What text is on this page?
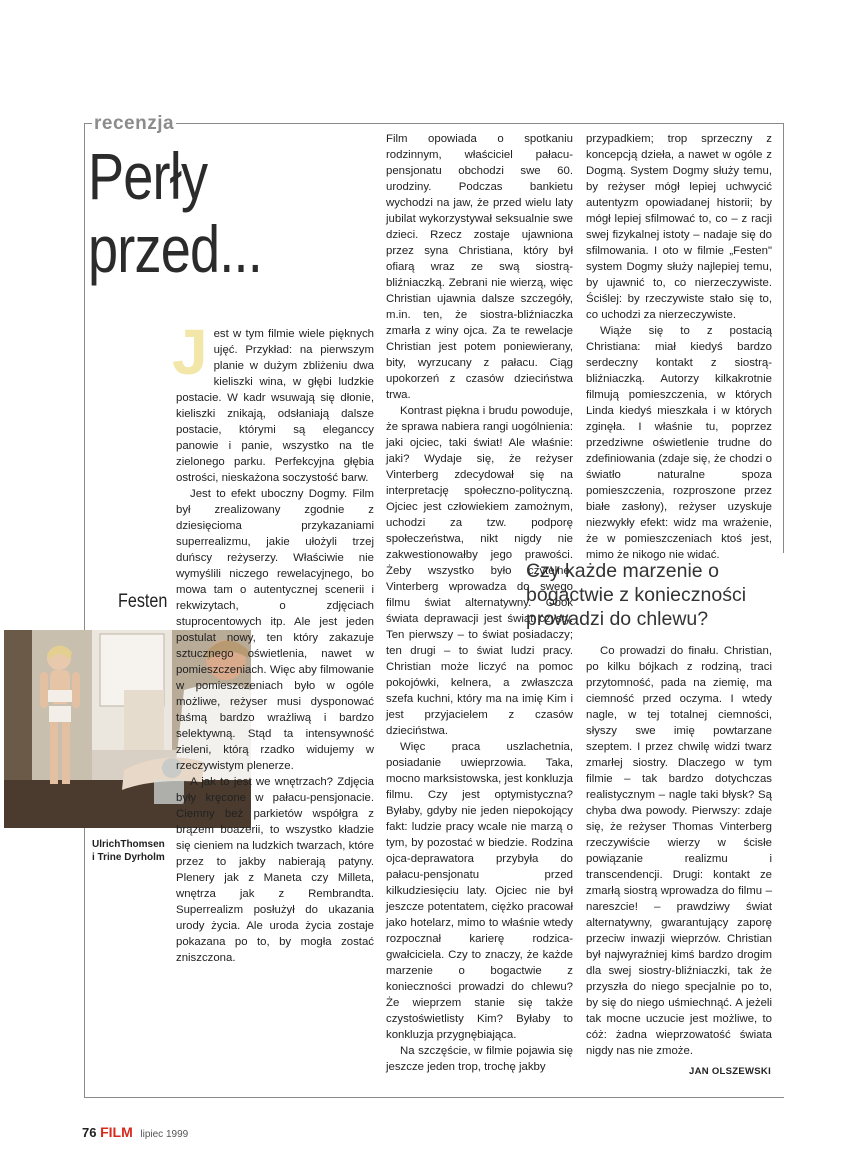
recenzja
Perły
przed...
Festen
UlrichThomsen
i Trine Dyrholm

Jest w tym filmie wiele pięknych ujęć. Przykład: na pierwszym planie w dużym zbliżeniu dwa kieliszki wina, w głębi ludzkie postacie. W kadr wsuwają się dłonie, kieliszki znikają, odsłaniają dalsze postacie, którymi są eleganccy panowie i panie, wszystko na tle zielonego parku. Perfekcyjna głębia ostrości, nieskażona soczystość barw.

Jest to efekt uboczny Dogmy. Film był zrealizowany zgodnie z dziesięcioma przykazaniami superrealizmu, jakie ułożyli trzej duńscy reżyserzy. Właściwie nie wymyślili niczego rewelacyjnego, bo mowa tam o autentycznej scenerii i rekwizytach, o zdjęciach stuprocentowych itp. Ale jest jeden postulat nowy, ten który zakazuje sztucznego oświetlenia, nawet w pomieszczeniach. Więc aby filmowanie w pomieszczeniach było w ogóle możliwe, reżyser musi dysponować taśmą bardzo wrażliwą i bardzo selektywną. Stąd ta intensywność zieleni, którą rzadko widujemy w rzeczywistym plenerze.

A jak to jest we wnętrzach? Zdjęcia były kręcone w pałacu-pensjonacie. Ciemny beż parkietów współgra z brązem boazerii, to wszystko kładzie się cieniem na ludzkich twarzach, które przez to jakby nabierają patyny. Plenery jak z Maneta czy Milleta, wnętrza jak z Rembrandta. Superrealizm posłużył do ukazania urody życia. Ale uroda życia zostaje pokazana po to, by mogła zostać zniszczona.

Film opowiada o spotkaniu rodzinnym, właściciel pałacu-pensjonatu obchodzi swe 60. urodziny. Podczas bankietu wychodzi na jaw, że przed wielu laty jubilat wykorzystywał seksualnie swe dzieci. Rzecz zostaje ujawniona przez syna Christiana, który był ofiarą wraz ze swą siostrą-bliźniaczką. Zebrani nie wierzą, więc Christian ujawnia dalsze szczegóły, m.in. ten, że siostra-bliźniaczka zmarła z winy ojca. Za te rewelacje Christian jest potem poniewierany, bity, wyrzucany z pałacu. Ciąg upokorzeń z czasów dzieciństwa trwa.

Kontrast piękna i brudu powoduje, że sprawa nabiera rangi uogólnienia: jaki ojciec, taki świat! Ale właśnie: jaki? Wydaje się, że reżyser Vinterberg zdecydował się na interpretację społeczno-polityczną. Ojciec jest człowiekiem zamożnym, uchodzi za tzw. podporę społeczeństwa, nikt nigdy nie zakwestionowałby jego prawości. Żeby wszystko było czytelne, Vinterberg wprowadza do swego filmu świat alternatywny. Obok świata deprawacji jest świat czysty. Ten pierwszy – to świat posiadaczy; ten drugi – to świat ludzi pracy. Christian może liczyć na pomoc pokojówki, kelnera, a zwłaszcza szefa kuchni, który ma na imię Kim i jest przyjacielem z czasów dzieciństwa.

Więc praca uszlachetnia, posiadanie uwieprzowia. Taka, mocno marksistowska, jest konkluzja filmu. Czy jest optymistyczna? Byłaby, gdyby nie jeden niepokojący fakt: ludzie pracy wcale nie marzą o tym, by pozostać w biedzie. Rodzina ojca-deprawatora przybyła do pałacu-pensjonatu przed kilkudziesięciu laty. Ojciec nie był jeszcze potentatem, ciężko pracował jako hotelarz, mimo to właśnie wtedy rozpocznał karierę rodzica-gwałciciela. Czy to znaczy, że każde marzenie o bogactwie z konieczności prowadzi do chlewu? Że wieprzem stanie się także czystoświetlisty Kim? Byłaby to konkluzja przygnębiająca.

Na szczęście, w filmie pojawia się jeszcze jeden trop, trochę jakby

przypadkiem; trop sprzeczny z koncepcją dzieła, a nawet w ogóle z Dogmą. System Dogmy służy temu, by reżyser mógł lepiej uchwycić autentyzm opowiadanej historii; by mógł lepiej sfilmować to, co – z racji swej fizykalnej istoty – nadaje się do sfilmowania. I oto w filmie „Festen" system Dogmy służy najlepiej temu, by ujawnić to, co nierzeczywiste. Ściślej: by rzeczywiste stało się to, co uchodzi za nierzeczywiste.

Wiąże się to z postacią Christiana: miał kiedyś bardzo serdeczny kontakt z siostrą-bliźniaczką. Autorzy kilkakrotnie filmują pomieszczenia, w których Linda kiedyś mieszkała i w których zginęła. I właśnie tu, poprzez przedziwne oświetlenie trudne do zdefiniowania (zdaje się, że chodzi o światło naturalne spoza pomieszczenia, rozproszone przez białe zasłony), reżyser uzyskuje niezwykły efekt: widz ma wrażenie, że w pomieszczeniach ktoś jest, mimo że nikogo nie widać.

Czy każde marzenie o bogactwie z konieczności prowadzi do chlewu?

Co prowadzi do finału. Christian, po kilku bójkach z rodziną, traci przytomność, pada na ziemię, ma ciemność przed oczyma. I wtedy nagle, w tej totalnej ciemności, słyszy swe imię powtarzane szeptem. I przez chwilę widzi twarz zmarłej siostry. Dlaczego w tym filmie – tak bardzo dotychczas realistycznym – nagle taki błysk? Są chyba dwa powody. Pierwszy: zdaje się, że reżyser Thomas Vinterberg rzeczywiście wierzy w ścisłe powiązanie realizmu i transcendencji. Drugi: kontakt ze zmarłą siostrą wprowadza do filmu – nareszcie! – prawdziwy świat alternatywny, gwarantujący zaporę przeciw inwazji wieprzów. Christian był najwyraźniej kimś bardzo drogim dla swej siostry-bliźniaczki, tak że przyszła do niego specjalnie po to, by się do niego uśmiechnąć. A jeżeli tak mocne uczucie jest możliwe, to cóż: żadna wieprzowatość świata nigdy nas nie zmoże.

JAN OLSZEWSKI
76 FILM lipiec 1999
